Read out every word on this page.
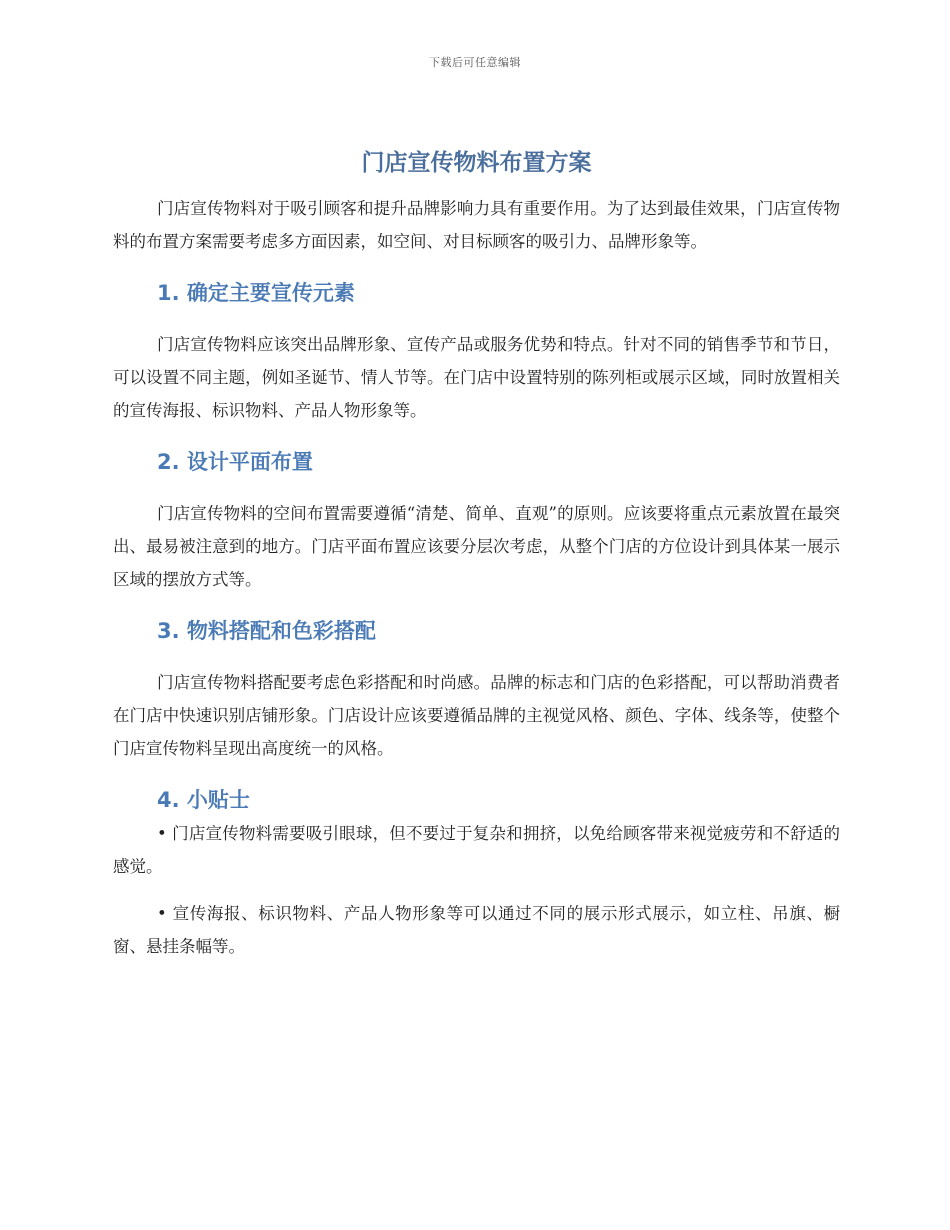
下载后可任意编辑
门店宣传物料布置方案

门店宣传物料对于吸引顾客和提升品牌影响力具有重要作用。为了达到最佳效果，门店宣传物料的布置方案需要考虑多方面因素，如空间、对目标顾客的吸引力、品牌形象等。

1. 确定主要宣传元素

门店宣传物料应该突出品牌形象、宣传产品或服务优势和特点。针对不同的销售季节和节日，可以设置不同主题，例如圣诞节、情人节等。在门店中设置特别的陈列柜或展示区域，同时放置相关的宣传海报、标识物料、产品人物形象等。

2. 设计平面布置

门店宣传物料的空间布置需要遵循“清楚、简单、直观”的原则。应该要将重点元素放置在最突出、最易被注意到的地方。门店平面布置应该要分层次考虑，从整个门店的方位设计到具体某一展示区域的摆放方式等。

3. 物料搭配和色彩搭配

门店宣传物料搭配要考虑色彩搭配和时尚感。品牌的标志和门店的色彩搭配，可以帮助消费者在门店中快速识别店铺形象。门店设计应该要遵循品牌的主视觉风格、颜色、字体、线条等，使整个门店宣传物料呈现出高度统一的风格。

4. 小贴士

• 门店宣传物料需要吸引眼球，但不要过于复杂和拥挤，以免给顾客带来视觉疲劳和不舒适的感觉。

• 宣传海报、标识物料、产品人物形象等可以通过不同的展示形式展示，如立柱、吊旗、橱窗、悬挂条幅等。
